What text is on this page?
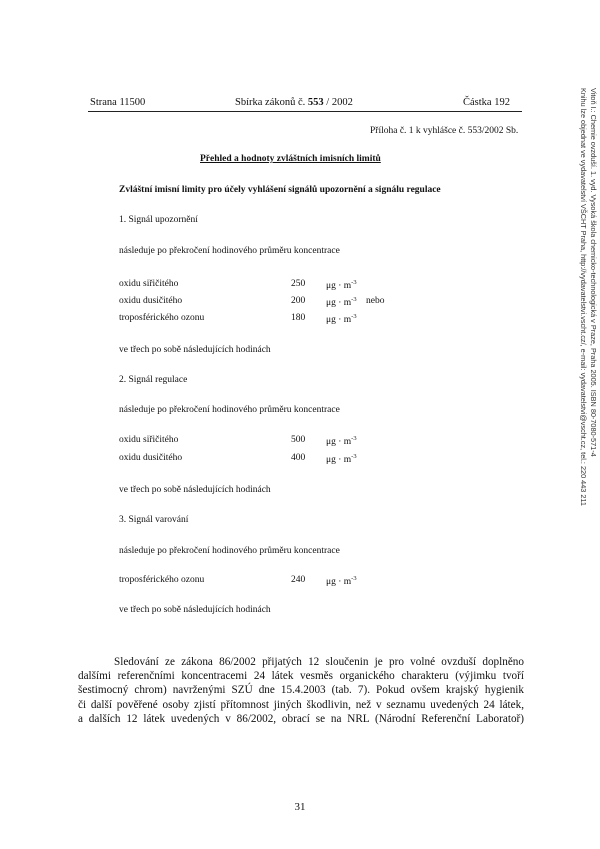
Strana 11500	Sbírka zákonů č. 553 / 2002	Částka 192
Příloha č. 1 k vyhlášce č. 553/2002 Sb.
Přehled a hodnoty zvláštních imisních limitů
Zvláštní imisní limity pro účely vyhlášení signálů upozornění a signálu regulace
1. Signál upozornění
následuje po překročení hodinového průměru koncentrace
oxidu siřičitého	250 $\mu g \cdot m^{-3}$
oxidu dusičitého	200 $\mu g \cdot m^{-3}$ nebo
troposférického ozonu	180 $\mu g \cdot m^{-3}$
ve třech po sobě následujících hodinách
2. Signál regulace
následuje po překročení hodinového průměru koncentrace
oxidu siřičitého	500 $\mu g \cdot m^{-3}$
oxidu dusičitého	400 $\mu g \cdot m^{-3}$
ve třech po sobě následujících hodinách
3. Signál varování
následuje po překročení hodinového průměru koncentrace
troposférického ozonu	240 $\mu g \cdot m^{-3}$
ve třech po sobě následujících hodinách
Vitoň I.: Chemie ovzduší. 1. vyd. Vysoká škola chemicko-technologická v Praze, Praha 2005. ISBN 80-7080-571-4
Knihu lze objednat ve vydavatelství VŠCHT Praha, http://vydavatelstvi.vscht.cz/, e-mail: vydavatelstvi@vscht.cz, tel.: 220 443 211
Sledování ze zákona 86/2002 přijatých 12 sloučenin je pro volné ovzduší doplněno
dalšími referenčními koncentracemi 24 látek vesměs organického charakteru (výjimku tvoří
šestimocný chrom) navrženými SZÚ dne 15.4.2003 (tab. 7). Pokud ovšem krajský hygienik
či další pověřené osoby zjistí přítomnost jiných škodlivin, než v seznamu uvedených 24 látek,
a dalších 12 látek uvedených v 86/2002, obrací se na NRL (Národní Referenční Laboratoř)
31
